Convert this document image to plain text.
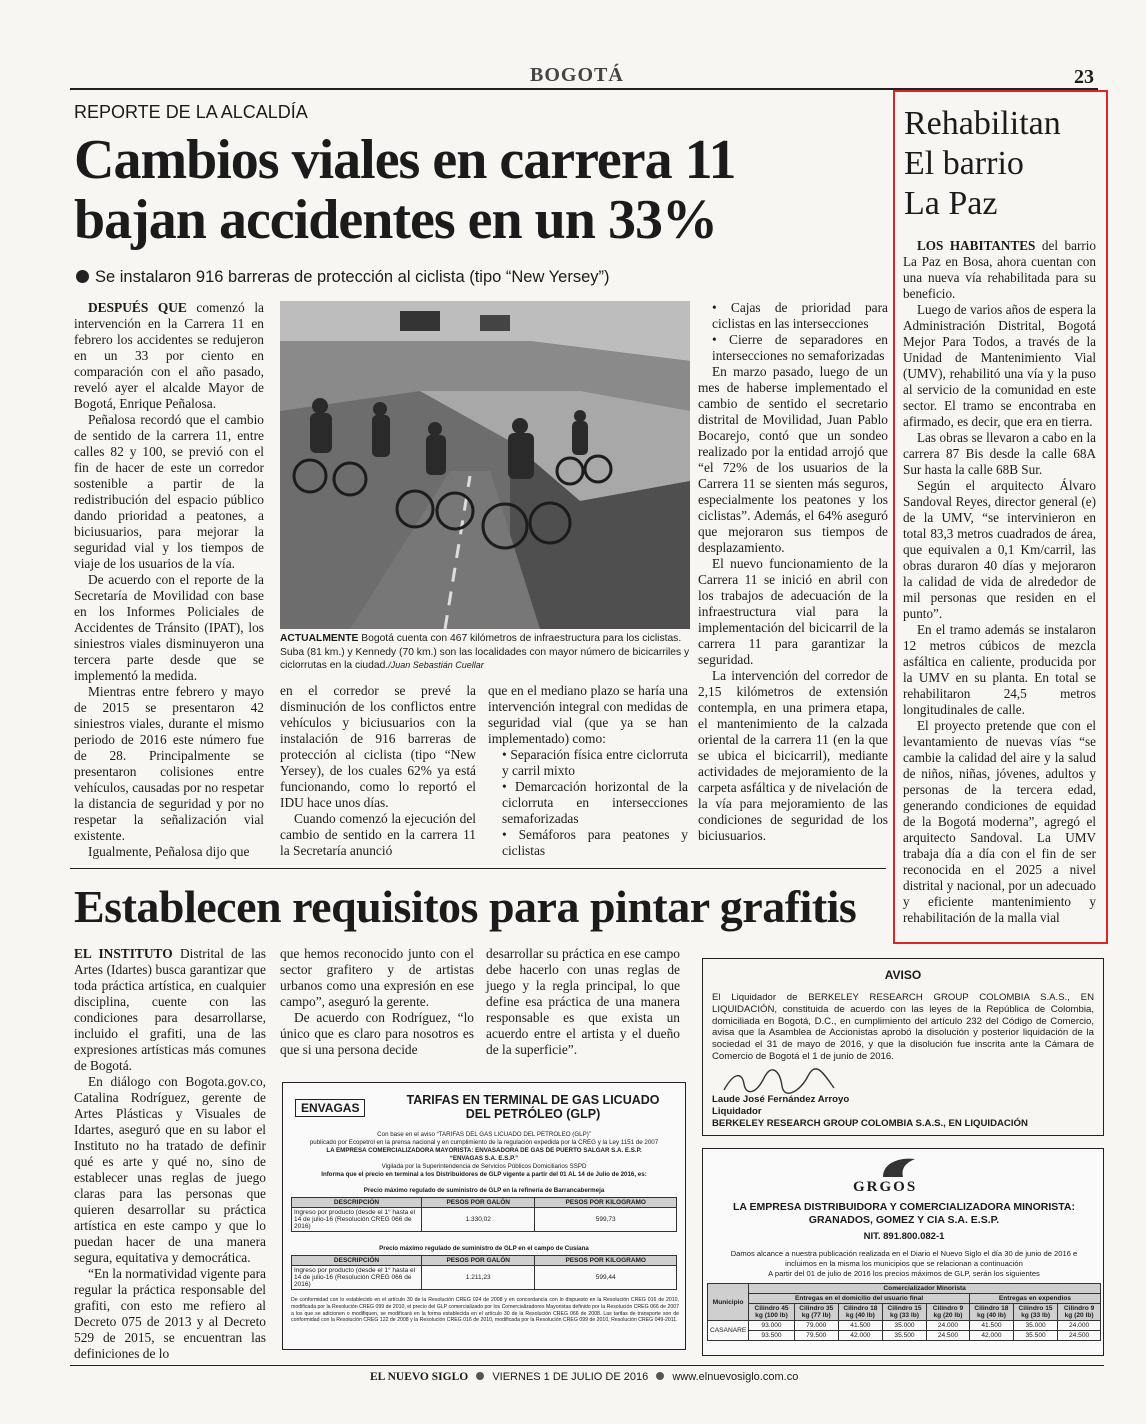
BOGOTÁ	23
REPORTE DE LA ALCALDÍA
Cambios viales en carrera 11
bajan accidentes en un 33%
Se instalaron 916 barreras de protección al ciclista (tipo “New Yersey”)

DESPUÉS QUE comenzó la intervención en la Carrera 11 en febrero los accidentes se redujeron en un 33 por ciento en comparación con el año pasado, reveló ayer el alcalde Mayor de Bogotá, Enrique Peñalosa.

Peñalosa recordó que el cambio de sentido de la carrera 11, entre calles 82 y 100, se previó con el fin de hacer de este un corredor sostenible a partir de la redistribución del espacio público dando prioridad a peatones, a biciusuarios, para mejorar la seguridad vial y los tiempos de viaje de los usuarios de la vía.

De acuerdo con el reporte de la Secretaría de Movilidad con base en los Informes Policiales de Accidentes de Tránsito (IPAT), los siniestros viales disminuyeron una tercera parte desde que se implementó la medida.

Mientras entre febrero y mayo de 2015 se presentaron 42 siniestros viales, durante el mismo periodo de 2016 este número fue de 28. Principalmente se presentaron colisiones entre vehículos, causadas por no respetar la distancia de seguridad y por no respetar la señalización vial existente.

Igualmente, Peñalosa dijo que

ACTUALMENTE Bogotá cuenta con 467 kilómetros de infraestructura para los ciclistas. Suba (81 km.) y Kennedy (70 km.) son las localidades con mayor número de bicicarriles y ciclorrutas en la ciudad./Juan Sebastián Cuellar

en el corredor se prevé la disminución de los conflictos entre vehículos y biciusuarios con la instalación de 916 barreras de protección al ciclista (tipo “New Yersey), de los cuales 62% ya está funcionando, como lo reportó el IDU hace unos días.

Cuando comenzó la ejecución del cambio de sentido en la carrera 11 la Secretaría anunció

que en el mediano plazo se haría una intervención integral con medidas de seguridad vial (que ya se han implementado) como:

• Separación física entre ciclorruta y carril mixto

• Demarcación horizontal de la ciclorruta en intersecciones semaforizadas

• Semáforos para peatones y ciclistas

• Cajas de prioridad para ciclistas en las intersecciones

• Cierre de separadores en intersecciones no semaforizadas

En marzo pasado, luego de un mes de haberse implementado el cambio de sentido el secretario distrital de Movilidad, Juan Pablo Bocarejo, contó que un sondeo realizado por la entidad arrojó que “el 72% de los usuarios de la Carrera 11 se sienten más seguros, especialmente los peatones y los ciclistas”. Además, el 64% aseguró que mejoraron sus tiempos de desplazamiento.

El nuevo funcionamiento de la Carrera 11 se inició en abril con los trabajos de adecuación de la infraestructura vial para la implementación del bicicarril de la carrera 11 para garantizar la seguridad.

La intervención del corredor de 2,15 kilómetros de extensión contempla, en una primera etapa, el mantenimiento de la calzada oriental de la carrera 11 (en la que se ubica el bicicarril), mediante actividades de mejoramiento de la carpeta asfáltica y de nivelación de la vía para mejoramiento de las condiciones de seguridad de los biciusuarios.

Rehabilitan
El barrio
La Paz

LOS HABITANTES del barrio La Paz en Bosa, ahora cuentan con una nueva vía rehabilitada para su beneficio.

Luego de varios años de espera la Administración Distrital, Bogotá Mejor Para Todos, a través de la Unidad de Mantenimiento Vial (UMV), rehabilitó una vía y la puso al servicio de la comunidad en este sector. El tramo se encontraba en afirmado, es decir, que era en tierra.

Las obras se llevaron a cabo en la carrera 87 Bis desde la calle 68A Sur hasta la calle 68B Sur.

Según el arquitecto Álvaro Sandoval Reyes, director general (e) de la UMV, “se intervinieron en total 83,3 metros cuadrados de área, que equivalen a 0,1 Km/carril, las obras duraron 40 días y mejoraron la calidad de vida de alrededor de mil personas que residen en el punto”.

En el tramo además se instalaron 12 metros cúbicos de mezcla asfáltica en caliente, producida por la UMV en su planta. En total se rehabilitaron 24,5 metros longitudinales de calle.

El proyecto pretende que con el levantamiento de nuevas vías “se cambie la calidad del aire y la salud de niños, niñas, jóvenes, adultos y personas de la tercera edad, generando condiciones de equidad de la Bogotá moderna”, agregó el arquitecto Sandoval. La UMV trabaja día a día con el fin de ser reconocida en el 2025 a nivel distrital y nacional, por un adecuado y eficiente mantenimiento y rehabilitación de la malla vial

Establecen requisitos para pintar grafitis

EL INSTITUTO Distrital de las Artes (Idartes) busca garantizar que toda práctica artística, en cualquier disciplina, cuente con las condiciones para desarrollarse, incluido el grafiti, una de las expresiones artísticas más comunes de Bogotá.

En diálogo con Bogota.gov.co, Catalina Rodríguez, gerente de Artes Plásticas y Visuales de Idartes, aseguró que en su labor el Instituto no ha tratado de definir qué es arte y qué no, sino de establecer unas reglas de juego claras para las personas que quieren desarrollar su práctica artística en este campo y que lo puedan hacer de una manera segura, equitativa y democrática.

“En la normatividad vigente para regular la práctica responsable del grafiti, con esto me refiero al Decreto 075 de 2013 y al Decreto 529 de 2015, se encuentran las definiciones de lo

que hemos reconocido junto con el sector grafitero y de artistas urbanos como una expresión en ese campo”, aseguró la gerente.

De acuerdo con Rodríguez, “lo único que es claro para nosotros es que si una persona decide

desarrollar su práctica en ese campo debe hacerlo con unas reglas de juego y la regla principal, lo que define esa práctica de una manera responsable es que exista un acuerdo entre el artista y el dueño de la superficie”.

ENVAGAS
TARIFAS EN TERMINAL DE GAS LICUADO
DEL PETRÓLEO (GLP)
Con base en el aviso “TARIFAS DEL GAS LICUADO DEL PETROLEO (GLP)”
publicado por Ecopetrol en la prensa nacional y en cumplimiento de la regulación expedida por la CREG y la Ley 1151 de 2007
LA EMPRESA COMERCIALIZADORA MAYORISTA: ENVASADORA DE GAS DE PUERTO SALGAR S.A. E.S.P.
“ENVAGAS S.A. E.S.P.”
Vigilada por la Superintendencia de Servicios Públicos Domiciliarios SSPD
Informa que el precio en terminal a los Distribuidores de GLP vigente a partir del 01 AL 14 de Julio de 2016, es:
Precio máximo regulado de suministro de GLP en la refinería de Barrancabermeja
DESCRIPCIÓN	PESOS POR GALÓN	PESOS POR KILOGRAMO
Ingreso por producto (desde el 1° hasta el 14 de julio-16 (Resolución CREG 066 de 2016)	1.330,02	599,73
Precio máximo regulado de suministro de GLP en el campo de Cusiana
DESCRIPCIÓN	PESOS POR GALÓN	PESOS POR KILOGRAMO
Ingreso por producto (desde el 1° hasta el 14 de julio-16 (Resolución CREG 066 de 2016)	1.211,23	599,44
De conformidad con lo establecido en el artículo 30 de la Resolución CREG 024 de 2008 y en concordancia con lo dispuesto en la Resolución CREG 016 de 2010, modificada por la Resolución CREG 099 de 2010, el precio del GLP comercializado por los Comercializadores Mayoristas definido por la Resolución CREG 066 de 2007 a los que se adicionen o modifiquen, se modificará en la forma establecida en el artículo 30 de la Resolución CREG 066 de 2008. Las tarifas de transporte son de conformidad con la Resolución CREG 122 de 2008 y la Resolución CREG 016 de 2010, modificada por la Resolución CREG 099 de 2010, Resolución CREG 049-2011.
AVISO
El Liquidador de BERKELEY RESEARCH GROUP COLOMBIA S.A.S., EN LIQUIDACIÓN, constituida de acuerdo con las leyes de la República de Colombia, domiciliada en Bogotá, D.C., en cumplimiento del artículo 232 del Código de Comercio, avisa que la Asamblea de Accionistas aprobó la disolución y posterior liquidación de la sociedad el 31 de mayo de 2016, y que la disolución fue inscrita ante la Cámara de Comercio de Bogotá el 1 de junio de 2016.
Laude José Fernández Arroyo
Liquidador
BERKELEY RESEARCH GROUP COLOMBIA S.A.S., EN LIQUIDACIÓN
GRGOS
LA EMPRESA DISTRIBUIDORA Y COMERCIALIZADORA MINORISTA:
GRANADOS, GOMEZ Y CIA S.A. E.S.P.
NIT. 891.800.082-1
Damos alcance a nuestra publicación realizada en el Diario el Nuevo Siglo el día 30 de junio de 2016 e
incluimos en la misma los municipios que se relacionan a continuación
A partir del 01 de julio de 2016 los precios máximos de GLP, serán los siguientes
Municipio	Comercializador Minorista							
	Entregas en el domicilio del usuario final					Entregas en expendios		
	Cilindro 45 kg (100 lb)	Cilindro 35 kg (77 lb)	Cilindro 18 kg (40 lb)	Cilindro 15 kg (33 lb)	Cilindro 9 kg (20 lb)	Cilindro 18 kg (40 lb)	Cilindro 15 kg (33 lb)	Cilindro 9 kg (20 lb)
CASANARE	93.000	79.000	41.500	35.000	24.000	41.500	35.000	24.000
	93.500	79.500	42.000	35.500	24.500	42.000	35.500	24.500
EL NUEVO SIGLO VIERNES 1 DE JULIO DE 2016 www.elnuevosiglo.com.co
